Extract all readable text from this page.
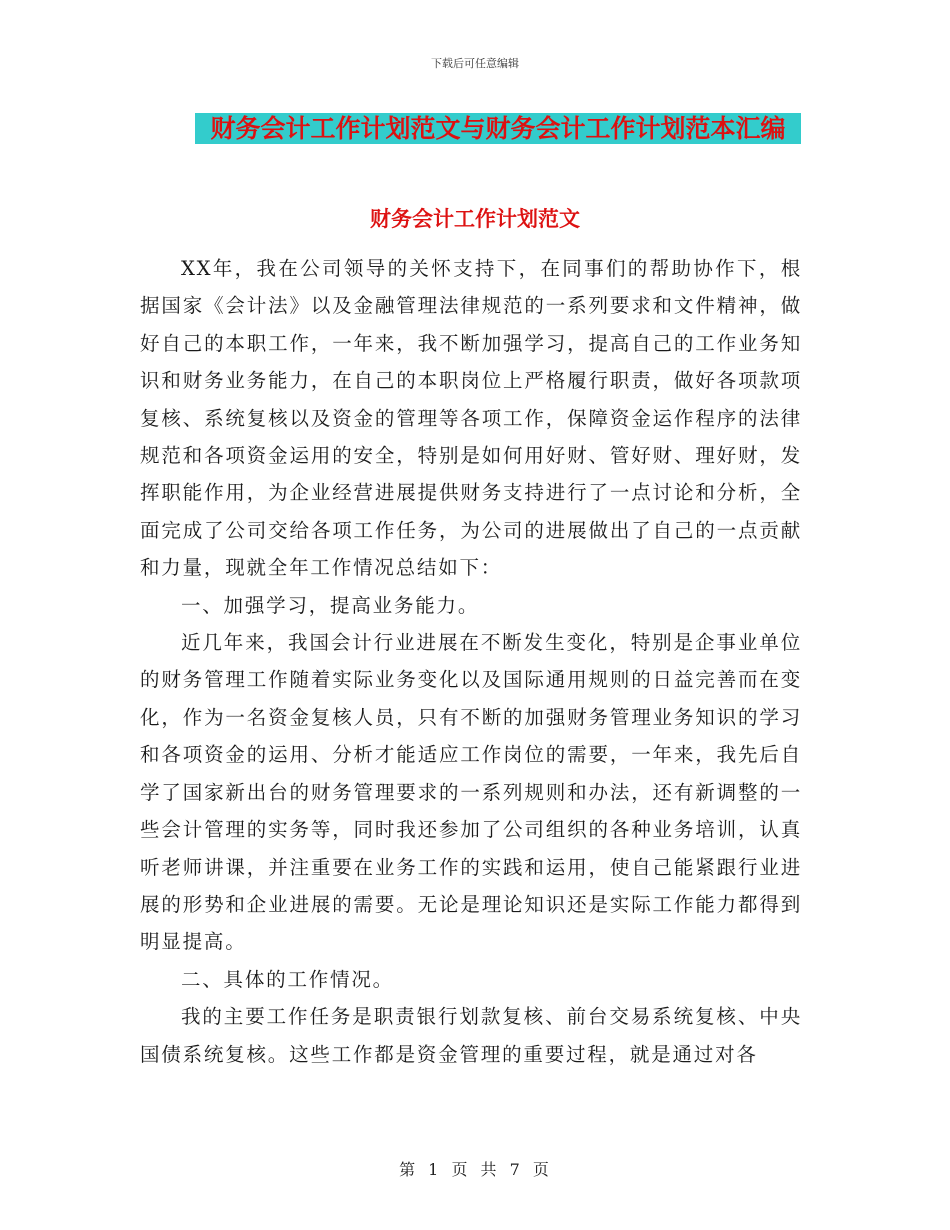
下载后可任意编辑
财务会计工作计划范文与财务会计工作计划范本汇编
财务会计工作计划范文

XX年，我在公司领导的关怀支持下，在同事们的帮助协作下，根据国家《会计法》以及金融管理法律规范的一系列要求和文件精神，做好自己的本职工作，一年来，我不断加强学习，提高自己的工作业务知识和财务业务能力，在自己的本职岗位上严格履行职责，做好各项款项复核、系统复核以及资金的管理等各项工作，保障资金运作程序的法律规范和各项资金运用的安全，特别是如何用好财、管好财、理好财，发挥职能作用，为企业经营进展提供财务支持进行了一点讨论和分析，全面完成了公司交给各项工作任务，为公司的进展做出了自己的一点贡献和力量，现就全年工作情况总结如下：

一、加强学习，提高业务能力。

近几年来，我国会计行业进展在不断发生变化，特别是企事业单位的财务管理工作随着实际业务变化以及国际通用规则的日益完善而在变化，作为一名资金复核人员，只有不断的加强财务管理业务知识的学习和各项资金的运用、分析才能适应工作岗位的需要，一年来，我先后自学了国家新出台的财务管理要求的一系列规则和办法，还有新调整的一些会计管理的实务等，同时我还参加了公司组织的各种业务培训，认真听老师讲课，并注重要在业务工作的实践和运用，使自己能紧跟行业进展的形势和企业进展的需要。无论是理论知识还是实际工作能力都得到明显提高。

二、具体的工作情况。

我的主要工作任务是职责银行划款复核、前台交易系统复核、中央国债系统复核。这些工作都是资金管理的重要过程，就是通过对各

第 1 页 共 7 页
